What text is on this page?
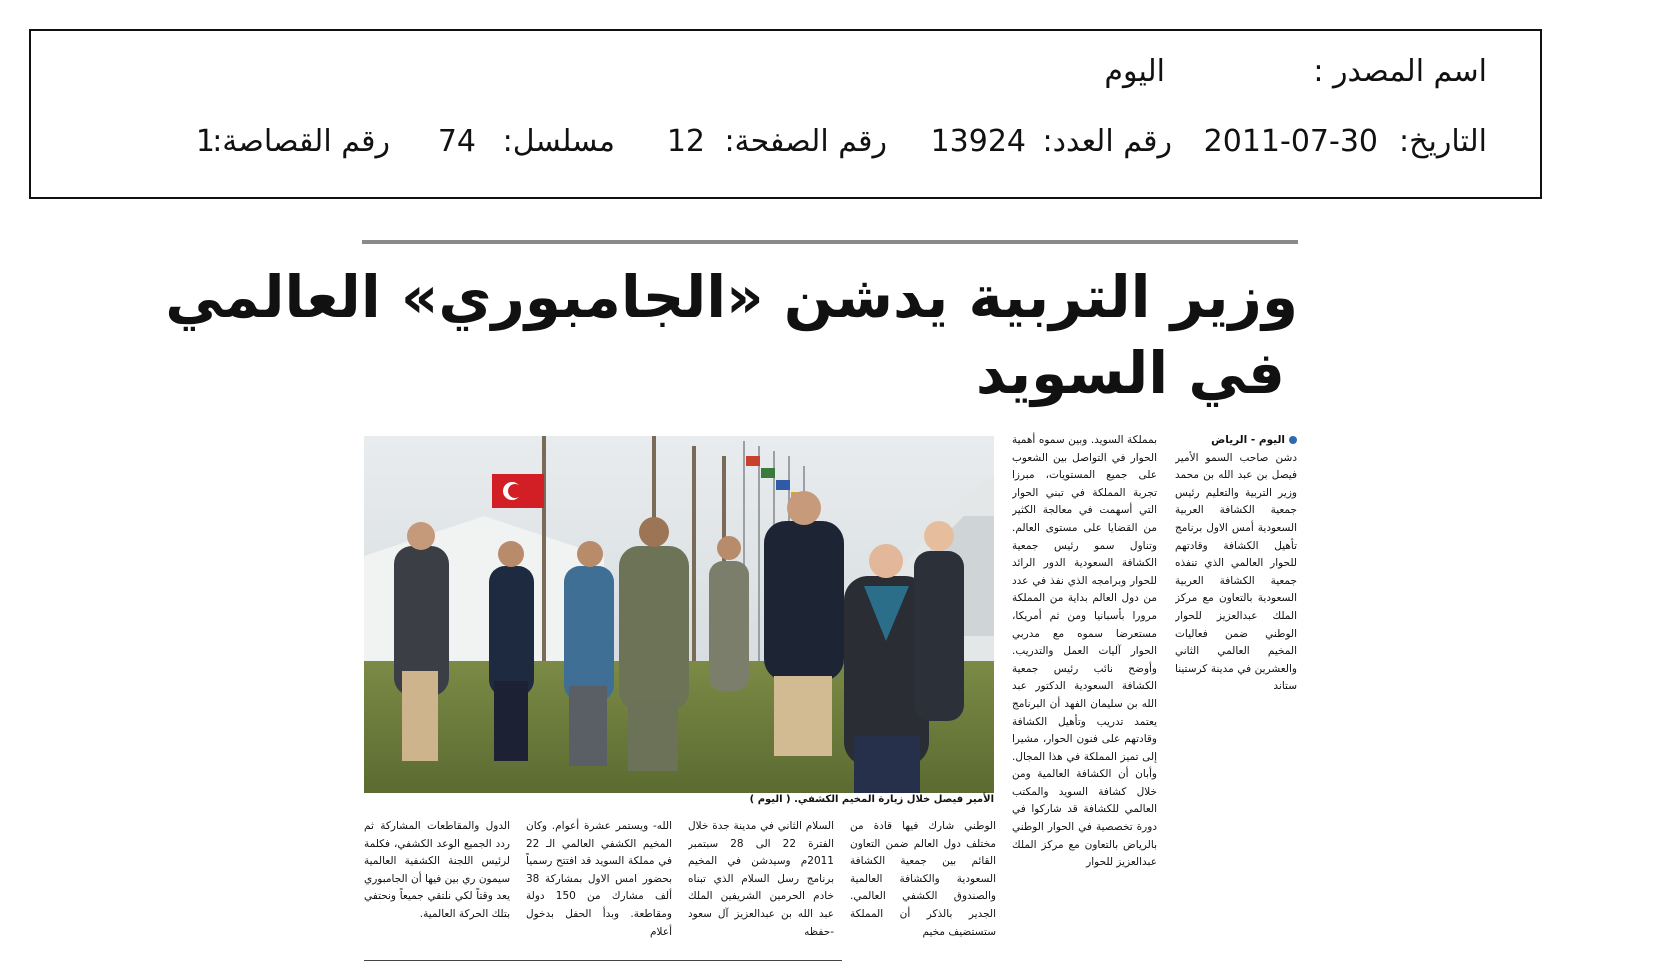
اسم المصدر :
اليوم
التاريخ:
2011-07-30
رقم العدد:
13924
رقم الصفحة:
12
مسلسل:
74
رقم القصاصة:
1
وزير التربية يدشن «الجامبوري» العالمي
في السويد

اليوم - الرياض

دشن صاحب السمو الأمير فيصل بن عبد الله بن محمد وزير التربية والتعليم رئيس جمعية الكشافة العربية السعودية أمس الاول برنامج تأهيل الكشافة وقادتهم للحوار العالمي الذي تنفذه جمعية الكشافة العربية السعودية بالتعاون مع مركز الملك عبدالعزيز للحوار الوطني ضمن فعاليات المخيم العالمي الثاني والعشرين في مدينة كرستينا ستاند

بمملكة السويد. وبين سموه أهمية الحوار في التواصل بين الشعوب على جميع المستويات، مبرزا تجربة المملكة في تبني الحوار التي أسهمت في معالجة الكثير من القضايا على مستوى العالم. وتناول سمو رئيس جمعية الكشافة السعودية الدور الرائد للحوار وبرامجه الذي نفذ في عدد من دول العالم بداية من المملكة مرورا بأسبانيا ومن ثم أمريكا، مستعرضا سموه مع مدربي الحوار آليات العمل والتدريب. وأوضح نائب رئيس جمعية الكشافة السعودية الدكتور عبد الله بن سليمان الفهد أن البرنامج يعتمد تدريب وتأهيل الكشافة وقادتهم على فنون الحوار، مشيرا إلى تميز المملكة في هذا المجال. وأبان أن الكشافة العالمية ومن خلال كشافة السويد والمكتب العالمي للكشافة قد شاركوا في دورة تخصصية في الحوار الوطني بالرياض بالتعاون مع مركز الملك عبدالعزيز للحوار

الأمير فيصل خلال زيارة المخيم الكشفي. ( اليوم )

الوطني شارك فيها قادة من مختلف دول العالم ضمن التعاون القائم بين جمعية الكشافة السعودية والكشافة العالمية والصندوق الكشفي العالمي. الجدير بالذكر أن المملكة ستستضيف مخيم

السلام الثاني في مدينة جدة خلال الفترة 22 الى 28 سبتمبر 2011م وسيدشن في المخيم برنامج رسل السلام الذي تبناه خادم الحرمين الشريفين الملك عبد الله بن عبدالعزيز آل سعود -حفظه

الله- ويستمر عشرة أعوام. وكان المخيم الكشفي العالمي الـ 22 في مملكة السويد قد افتتح رسمياً بحضور امس الاول بمشاركة 38 ألف مشارك من 150 دولة ومقاطعة. وبدأ الحفل بدخول أعلام

الدول والمقاطعات المشاركة ثم ردد الجميع الوعد الكشفي، فكلمة لرئيس اللجنة الكشفية العالمية سيمون ري بين فيها أن الجامبوري يعد وقتاً لكي نلتقي جميعاً ونحتفي بتلك الحركة العالمية.
